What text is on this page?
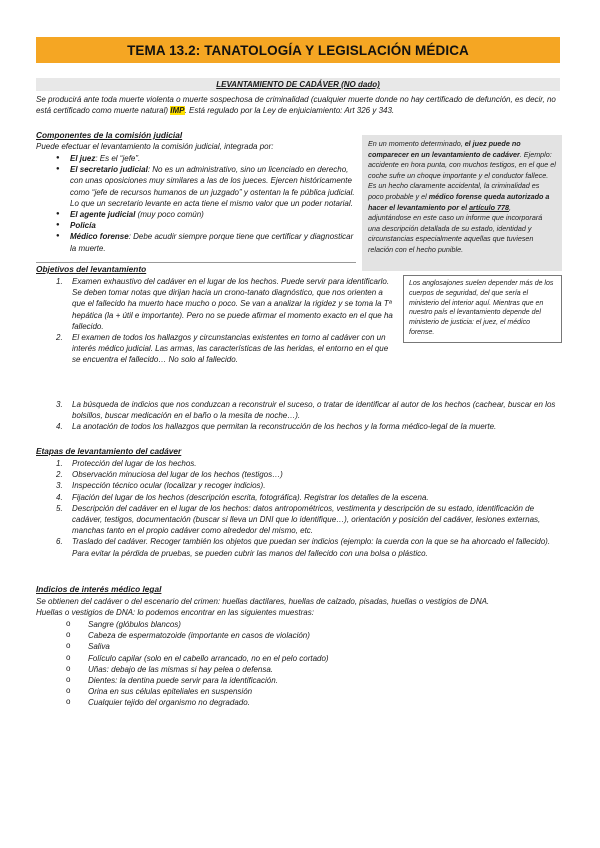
TEMA 13.2: TANATOLOGÍA Y LEGISLACIÓN MÉDICA
LEVANTAMIENTO DE CADÁVER (NO dado)
Se producirá ante toda muerte violenta o muerte sospechosa de criminalidad (cualquier muerte donde no hay certificado de defunción, es decir, no está certificado como muerte natural) IMP. Está regulado por la Ley de enjuiciamiento: Art 326 y 343.
Componentes de la comisión judicial
Puede efectuar el levantamiento la comisión judicial, integrada por:
● El juez: Es el “jefe”.
● El secretario judicial: No es un administrativo, sino un licenciado en derecho, con unas oposiciones muy similares a las de los jueces. Ejercen históricamente como “jefe de recursos humanos de un juzgado” y ostentan la fe pública judicial. Lo que un secretario levante en acta tiene el mismo valor que un poder notarial.
● El agente judicial (muy poco común)
● Policía
● Médico forense: Debe acudir siempre porque tiene que certificar y diagnosticar la muerte.
En un momento determinado, el juez puede no comparecer en un levantamiento de cadáver. Ejemplo: accidente en hora punta, con muchos testigos, en el que el coche sufre un choque importante y el conductor fallece. Es un hecho claramente accidental, la criminalidad es poco probable y el médico forense queda autorizado a hacer el levantamiento por el artículo 778, adjuntándose en este caso un informe que incorporará una descripción detallada de su estado, identidad y circunstancias especialmente aquellas que tuviesen relación con el hecho punible.
Objetivos del levantamiento
1. Examen exhaustivo del cadáver en el lugar de los hechos. Puede servir para identificarlo. Se deben tomar notas que dirijan hacia un crono-tanato diagnóstico, que nos orienten a que el fallecido ha muerto hace mucho o poco. Se van a analizar la rigidez y se toma la Tª hepática (la + útil e importante). Pero no se puede afirmar el momento exacto en el que ha fallecido.
2. El examen de todos los hallazgos y circunstancias existentes en torno al cadáver con un interés médico judicial. Las armas, las características de las heridas, el entorno en el que se encuentra el fallecido… No solo al fallecido.
3. La búsqueda de indicios que nos conduzcan a reconstruir el suceso, o tratar de identificar al autor de los hechos (cachear, buscar en los bolsillos, buscar medicación en el baño o la mesita de noche…).
4. La anotación de todos los hallazgos que permitan la reconstrucción de los hechos y la forma médico-legal de la muerte.
Los anglosajones suelen depender más de los cuerpos de seguridad, del que sería el ministerio del interior aquí. Mientras que en nuestro país el levantamiento depende del ministerio de justicia: el juez, el médico forense.
Etapas de levantamiento del cadáver
1. Protección del lugar de los hechos.
2. Observación minuciosa del lugar de los hechos (testigos…)
3. Inspección técnico ocular (localizar y recoger indicios).
4. Fijación del lugar de los hechos (descripción escrita, fotográfica). Registrar los detalles de la escena.
5. Descripción del cadáver en el lugar de los hechos: datos antropométricos, vestimenta y descripción de su estado, identificación de cadáver, testigos, documentación (buscar si lleva un DNI que lo identifique…), orientación y posición del cadáver, lesiones externas, manchas tanto en el propio cadáver como alrededor del mismo, etc.
6. Traslado del cadáver. Recoger también los objetos que puedan ser indicios (ejemplo: la cuerda con la que se ha ahorcado el fallecido). Para evitar la pérdida de pruebas, se pueden cubrir las manos del fallecido con una bolsa o plástico.
Indicios de interés médico legal
Se obtienen del cadáver o del escenario del crimen: huellas dactilares, huellas de calzado, pisadas, huellas o vestigios de DNA.
Huellas o vestigios de DNA: lo podemos encontrar en las siguientes muestras:
o Sangre (glóbulos blancos)
o Cabeza de espermatozoide (importante en casos de violación)
o Saliva
o Folículo capilar (solo en el cabello arrancado, no en el pelo cortado)
o Uñas: debajo de las mismas si hay pelea o defensa.
o Dientes: la dentina puede servir para la identificación.
o Orina en sus células epiteliales en suspensión
o Cualquier tejido del organismo no degradado.
